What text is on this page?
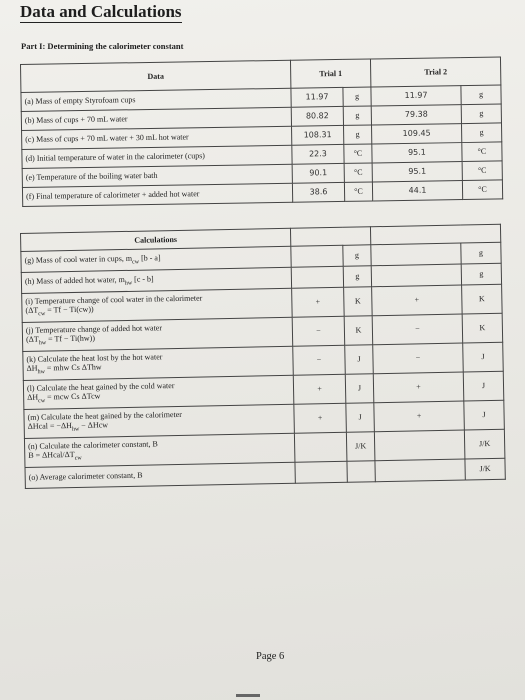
Data and Calculations
Part I: Determining the calorimeter constant
Data	Trial 1		Trial 2	
(a) Mass of empty Styrofoam cups	11.97	g	11.97	g
(b) Mass of cups + 70 mL water	80.82	g	79.38	g
(c) Mass of cups + 70 mL water + 30 mL hot water	108.31	g	109.45	g
(d) Initial temperature of water in the calorimeter (cups)	22.3	°C	95.1	°C
(e) Temperature of the boiling water bath	90.1	°C	95.1	°C
(f) Final temperature of calorimeter + added hot water	38.6	°C	44.1	°C
Calculations				

(g) Mass of cool water in cups, $m_{cw}$ [b - a]		g		g

(h) Mass of added hot water, $m_{hw}$ [c - b]		g		g

(i) Temperature change of cool water in the calorimeter
$(\Delta T_{cw} = Tf - Ti(cw))$	+	K	+	K

(j) Temperature change of added hot water
$(\Delta T_{hw} = Tf - Ti(hw))$	−	K	−	K

(k) Calculate the heat lost by the hot water
$\Delta H_{hw}$ = mhw Cs ΔThw	−	J	−	J

(l) Calculate the heat gained by the cold water
$\Delta H_{cw}$ = mcw Cs ΔTcw	+	J	+	J

(m) Calculate the heat gained by the calorimeter
ΔHcal = $-\Delta H_{hw} - \Delta Hcw$	+	J	+	J

(n) Calculate the calorimeter constant, B
B = ΔHcal/$\Delta T_{cw}$		J/K		J/K

(o) Average calorimeter constant, B				J/K
Page 6
